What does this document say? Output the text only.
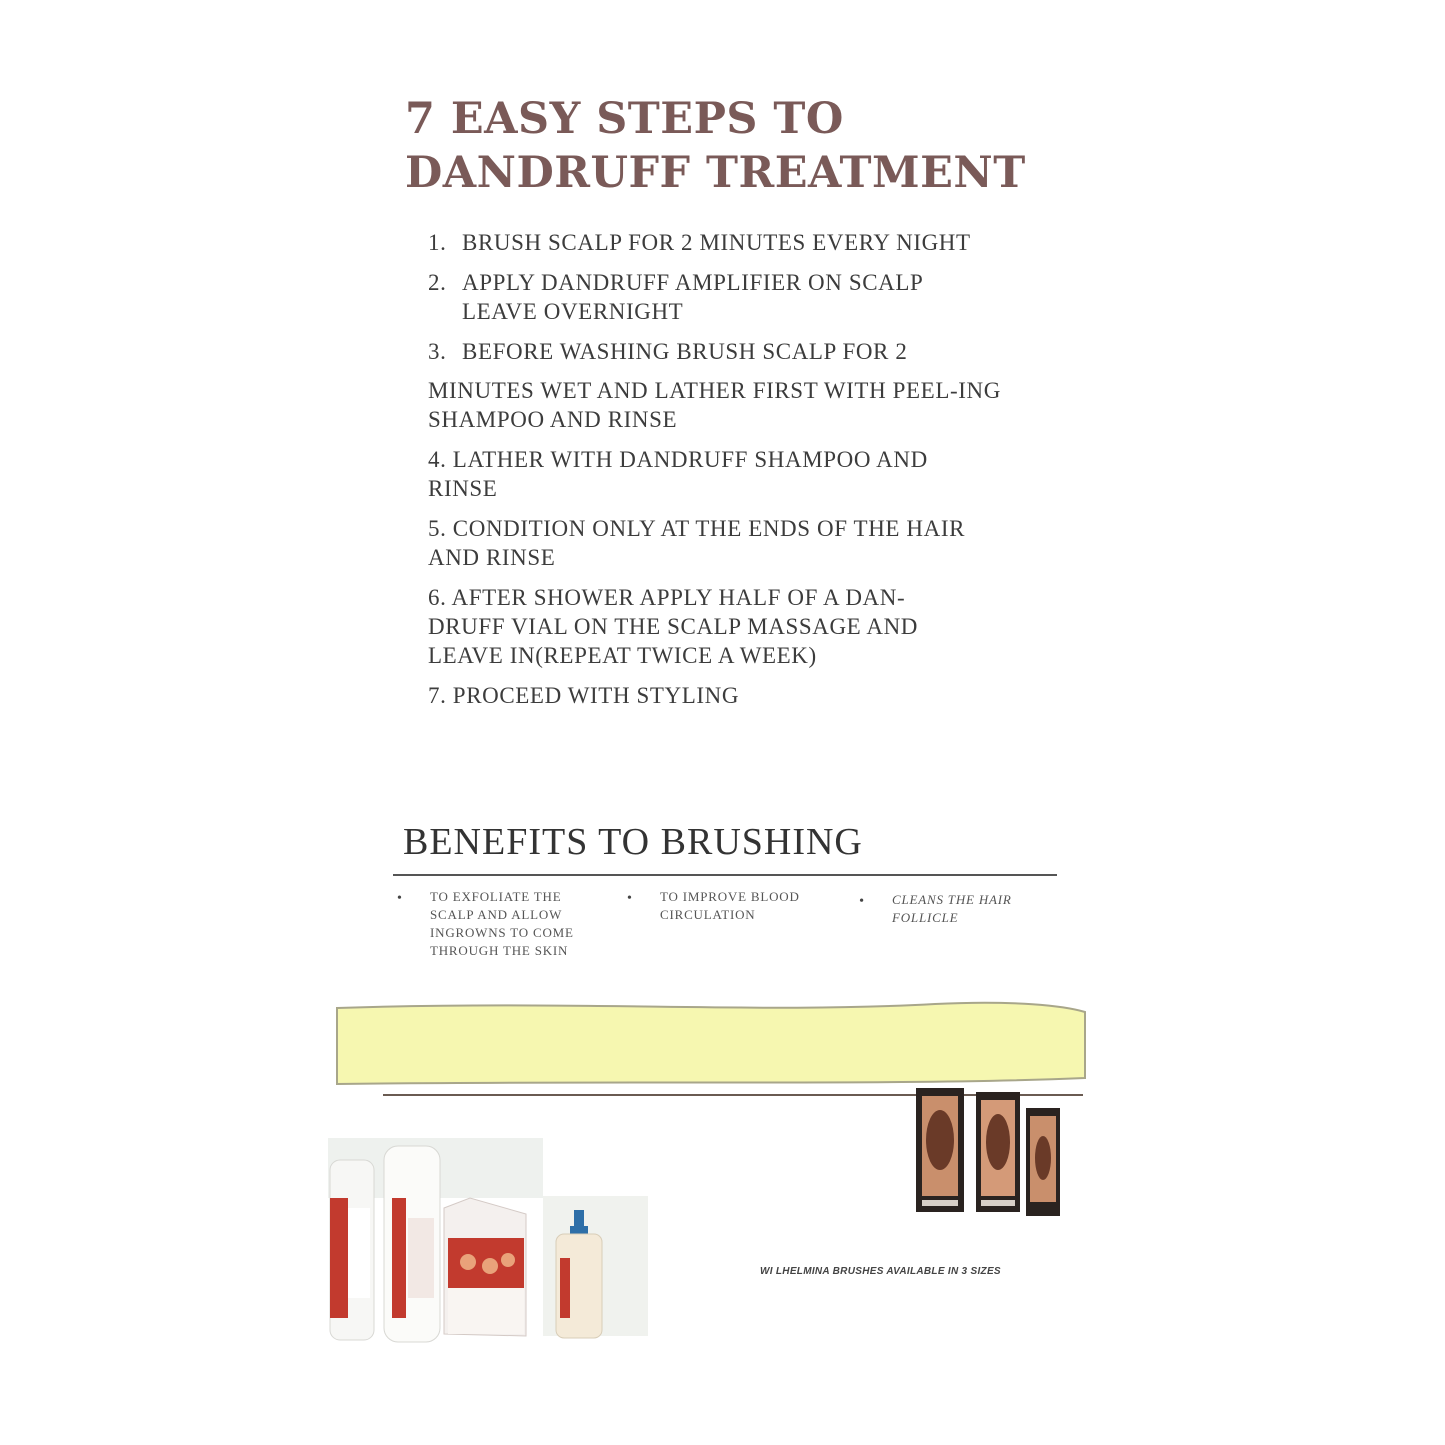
7 EASY STEPS TO
DANDRUFF TREATMENT
1. BRUSH SCALP FOR 2 MINUTES EVERY NIGHT
2. APPLY DANDRUFF AMPLIFIER ON SCALP LEAVE OVERNIGHT
3. BEFORE WASHING BRUSH SCALP FOR 2
MINUTES WET AND LATHER FIRST WITH PEEL-ING SHAMPOO AND RINSE
4. LATHER WITH DANDRUFF SHAMPOO AND RINSE
5. CONDITION ONLY AT THE ENDS OF THE HAIR AND RINSE
6. AFTER SHOWER APPLY HALF OF A DAN-DRUFF VIAL ON THE SCALP MASSAGE AND LEAVE IN(REPEAT TWICE A WEEK)
7. PROCEED WITH STYLING
BENEFITS TO BRUSHING
• TO EXFOLIATE THE SCALP AND ALLOW INGROWNS TO COME THROUGH THE SKIN
• TO IMPROVE BLOOD CIRCULATION
• CLEANS THE HAIR FOLLICLE
WI LHELMINA BRUSHES AVAILABLE IN 3 SIZES
